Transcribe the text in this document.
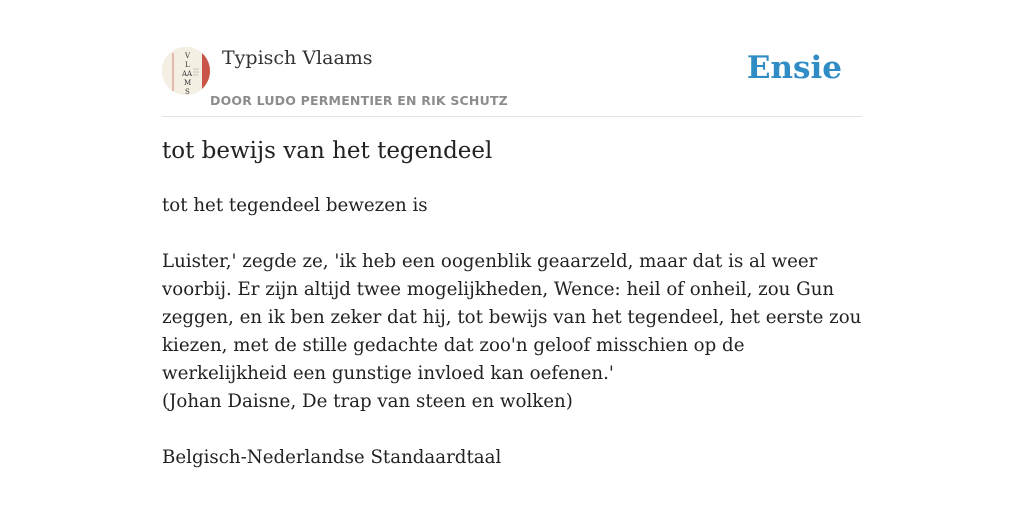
V
L
A A
M
S
Typisch Vlaams
DOOR LUDO PERMENTIER EN RIK SCHUTZ
Ensie
tot bewijs van het tegendeel

tot het tegendeel bewezen is

Luister,' zegde ze, 'ik heb een oogenblik geaarzeld, maar dat is al weer voorbij. Er zijn altijd twee mogelijkheden, Wence: heil of onheil, zou Gun zeggen, en ik ben zeker dat hij, tot bewijs van het tegendeel, het eerste zou kiezen, met de stille gedachte dat zoo'n geloof misschien op de werkelijkheid een gunstige invloed kan oefenen.'

(Johan Daisne, De trap van steen en wolken)

Belgisch-Nederlandse Standaardtaal
